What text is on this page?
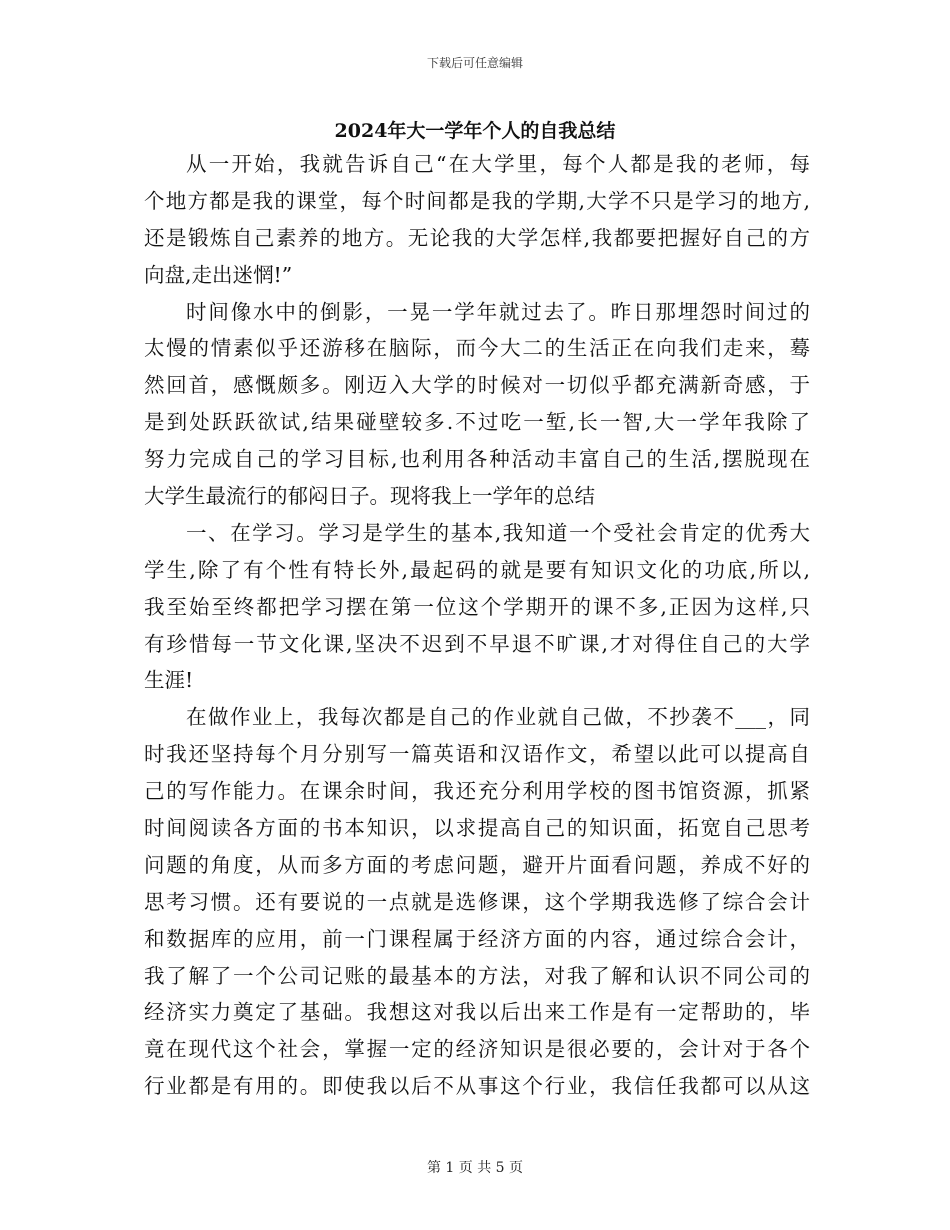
下载后可任意编辑
2024年大一学年个人的自我总结
从一开始，我就告诉自己“在大学里，每个人都是我的老师，每
个地方都是我的课堂，每个时间都是我的学期,大学不只是学习的地方,
还是锻炼自己素养的地方。无论我的大学怎样,我都要把握好自己的方
向盘,走出迷惘!”
时间像水中的倒影，一晃一学年就过去了。昨日那埋怨时间过的
太慢的情素似乎还游移在脑际，而今大二的生活正在向我们走来，蓦
然回首，感慨颇多。刚迈入大学的时候对一切似乎都充满新奇感，于
是到处跃跃欲试,结果碰壁较多.不过吃一堑,长一智,大一学年我除了
努力完成自己的学习目标,也利用各种活动丰富自己的生活,摆脱现在
大学生最流行的郁闷日子。现将我上一学年的总结
一、在学习。学习是学生的基本,我知道一个受社会肯定的优秀大
学生,除了有个性有特长外,最起码的就是要有知识文化的功底,所以,
我至始至终都把学习摆在第一位这个学期开的课不多,正因为这样,只
有珍惜每一节文化课,坚决不迟到不早退不旷课,才对得住自己的大学
生涯!
在做作业上，我每次都是自己的作业就自己做，不抄袭不___，同
时我还坚持每个月分别写一篇英语和汉语作文，希望以此可以提高自
己的写作能力。在课余时间，我还充分利用学校的图书馆资源，抓紧
时间阅读各方面的书本知识，以求提高自己的知识面，拓宽自己思考
问题的角度，从而多方面的考虑问题，避开片面看问题，养成不好的
思考习惯。还有要说的一点就是选修课，这个学期我选修了综合会计
和数据库的应用，前一门课程属于经济方面的内容，通过综合会计，
我了解了一个公司记账的最基本的方法，对我了解和认识不同公司的
经济实力奠定了基础。我想这对我以后出来工作是有一定帮助的，毕
竟在现代这个社会，掌握一定的经济知识是很必要的，会计对于各个
行业都是有用的。即使我以后不从事这个行业，我信任我都可以从这
第 1 页 共 5 页
